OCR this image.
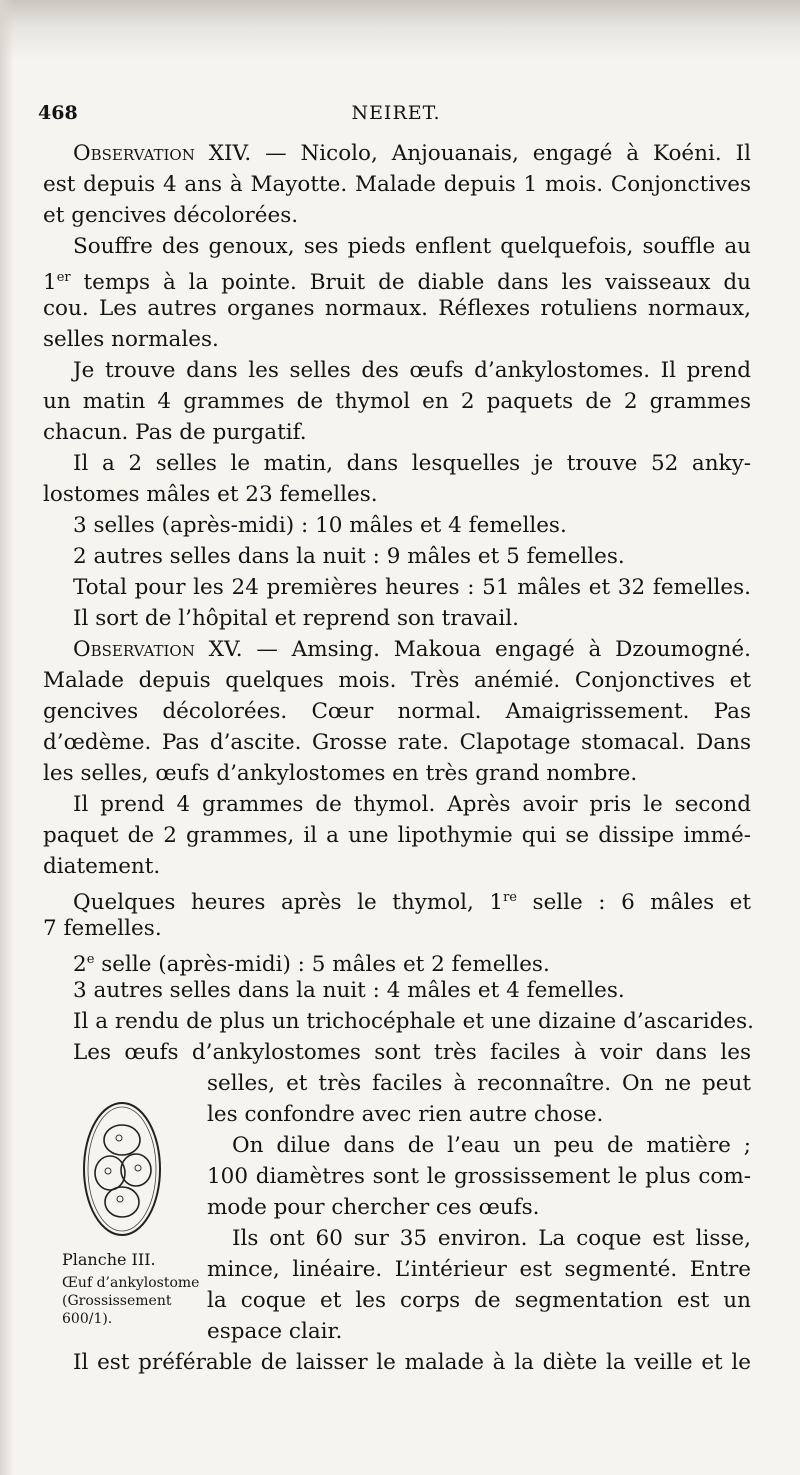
468	NEIRET.
Observation XIV. — Nicolo, Anjouanais, engagé à Koéni. Il
est depuis 4 ans à Mayotte. Malade depuis 1 mois. Conjonctives
et gencives décolorées.
Souffre des genoux, ses pieds enflent quelquefois, souffle au
1er temps à la pointe. Bruit de diable dans les vaisseaux du
cou. Les autres organes normaux. Réflexes rotuliens normaux,
selles normales.
Je trouve dans les selles des œufs d’ankylostomes. Il prend
un matin 4 grammes de thymol en 2 paquets de 2 grammes
chacun. Pas de purgatif.
Il a 2 selles le matin, dans lesquelles je trouve 52 anky-
lostomes mâles et 23 femelles.
3 selles (après-midi) : 10 mâles et 4 femelles.
2 autres selles dans la nuit : 9 mâles et 5 femelles.
Total pour les 24 premières heures : 51 mâles et 32 femelles.
Il sort de l’hôpital et reprend son travail.
Observation XV. — Amsing. Makoua engagé à Dzoumogné.
Malade depuis quelques mois. Très anémié. Conjonctives et
gencives décolorées. Cœur normal. Amaigrissement. Pas
d’œdème. Pas d’ascite. Grosse rate. Clapotage stomacal. Dans
les selles, œufs d’ankylostomes en très grand nombre.
Il prend 4 grammes de thymol. Après avoir pris le second
paquet de 2 grammes, il a une lipothymie qui se dissipe immé-
diatement.
Quelques heures après le thymol, 1re selle : 6 mâles et
7 femelles.
2e selle (après-midi) : 5 mâles et 2 femelles.
3 autres selles dans la nuit : 4 mâles et 4 femelles.
Il a rendu de plus un trichocéphale et une dizaine d’ascarides.
Les œufs d’ankylostomes sont très faciles à voir dans les
selles, et très faciles à reconnaître. On ne peut
les confondre avec rien autre chose.
On dilue dans de l’eau un peu de matière ;
100 diamètres sont le grossissement le plus com-
mode pour chercher ces œufs.
Ils ont 60 sur 35 environ. La coque est lisse,
mince, linéaire. L’intérieur est segmenté. Entre
la coque et les corps de segmentation est un
espace clair.
Il est préférable de laisser le malade à la diète la veille et le
Planche III.
Œuf d’ankylostome
(Grossissement
600/1).
